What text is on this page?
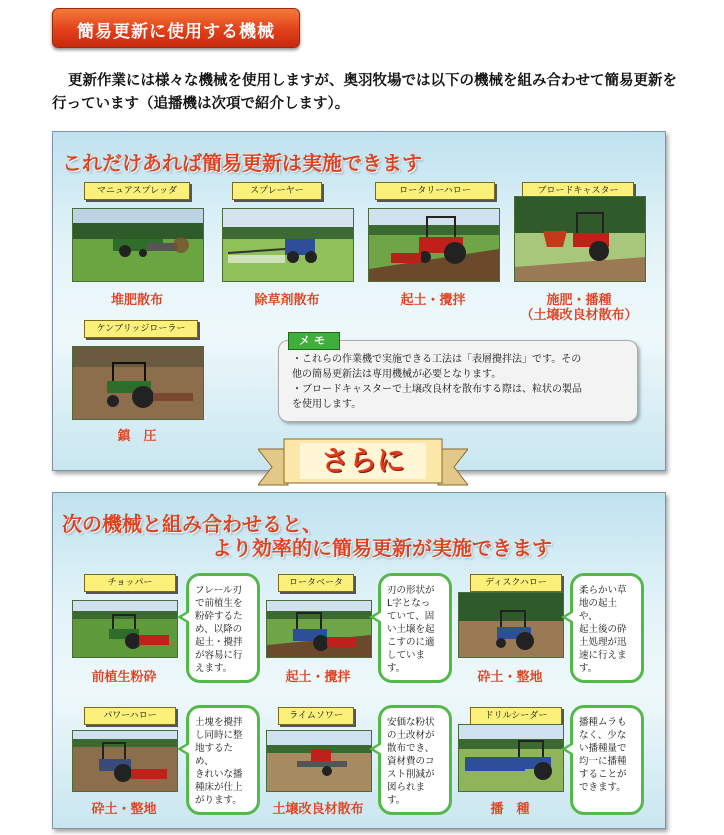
簡易更新に使用する機械
更新作業には様々な機械を使用しますが、奥羽牧場では以下の機械を組み合わせて簡易更新を行っています（追播機は次項で紹介します）。
これだけあれば簡易更新は実施できます
マニュアスプレッダ
堆肥散布
スプレーヤー
除草剤散布
ロータリーハロー
起土・攪拌
ブロードキャスター
施肥・播種
（土壌改良材散布）
ケンブリッジローラー
鎮　圧
メモ
・これらの作業機で実施できる工法は「表層攪拌法」です。その
他の簡易更新法は専用機械が必要となります。
・ブロードキャスターで土壌改良材を散布する際は、粒状の製品
を使用します。
次の機械と組み合わせると、
より効率的に簡易更新が実施できます
さらに
チョッパー
前植生粉砕
フレール刃
で前植生を
粉砕するた
め、以降の
起土・攪拌
が容易に行
えます。
ロータベータ
起土・攪拌
刃の形状が
L字となっ
ていて、固
い土壌を起
こすのに適
しています。
ディスクハロー
砕土・整地
柔らかい草
地の起土や、
起土後の砕
土処理が迅
速に行えま
す。
パワーハロー
砕土・整地
土塊を攪拌
し同時に整
地するため、
きれいな播
種床が仕上
がります。
ライムソワー
土壌改良材散布
安価な粉状
の土改材が
散布でき、
資材費のコ
スト削減が
図られます。
ドリルシーダー
播　種
播種ムラも
なく、少な
い播種量で
均一に播種
することが
できます。
